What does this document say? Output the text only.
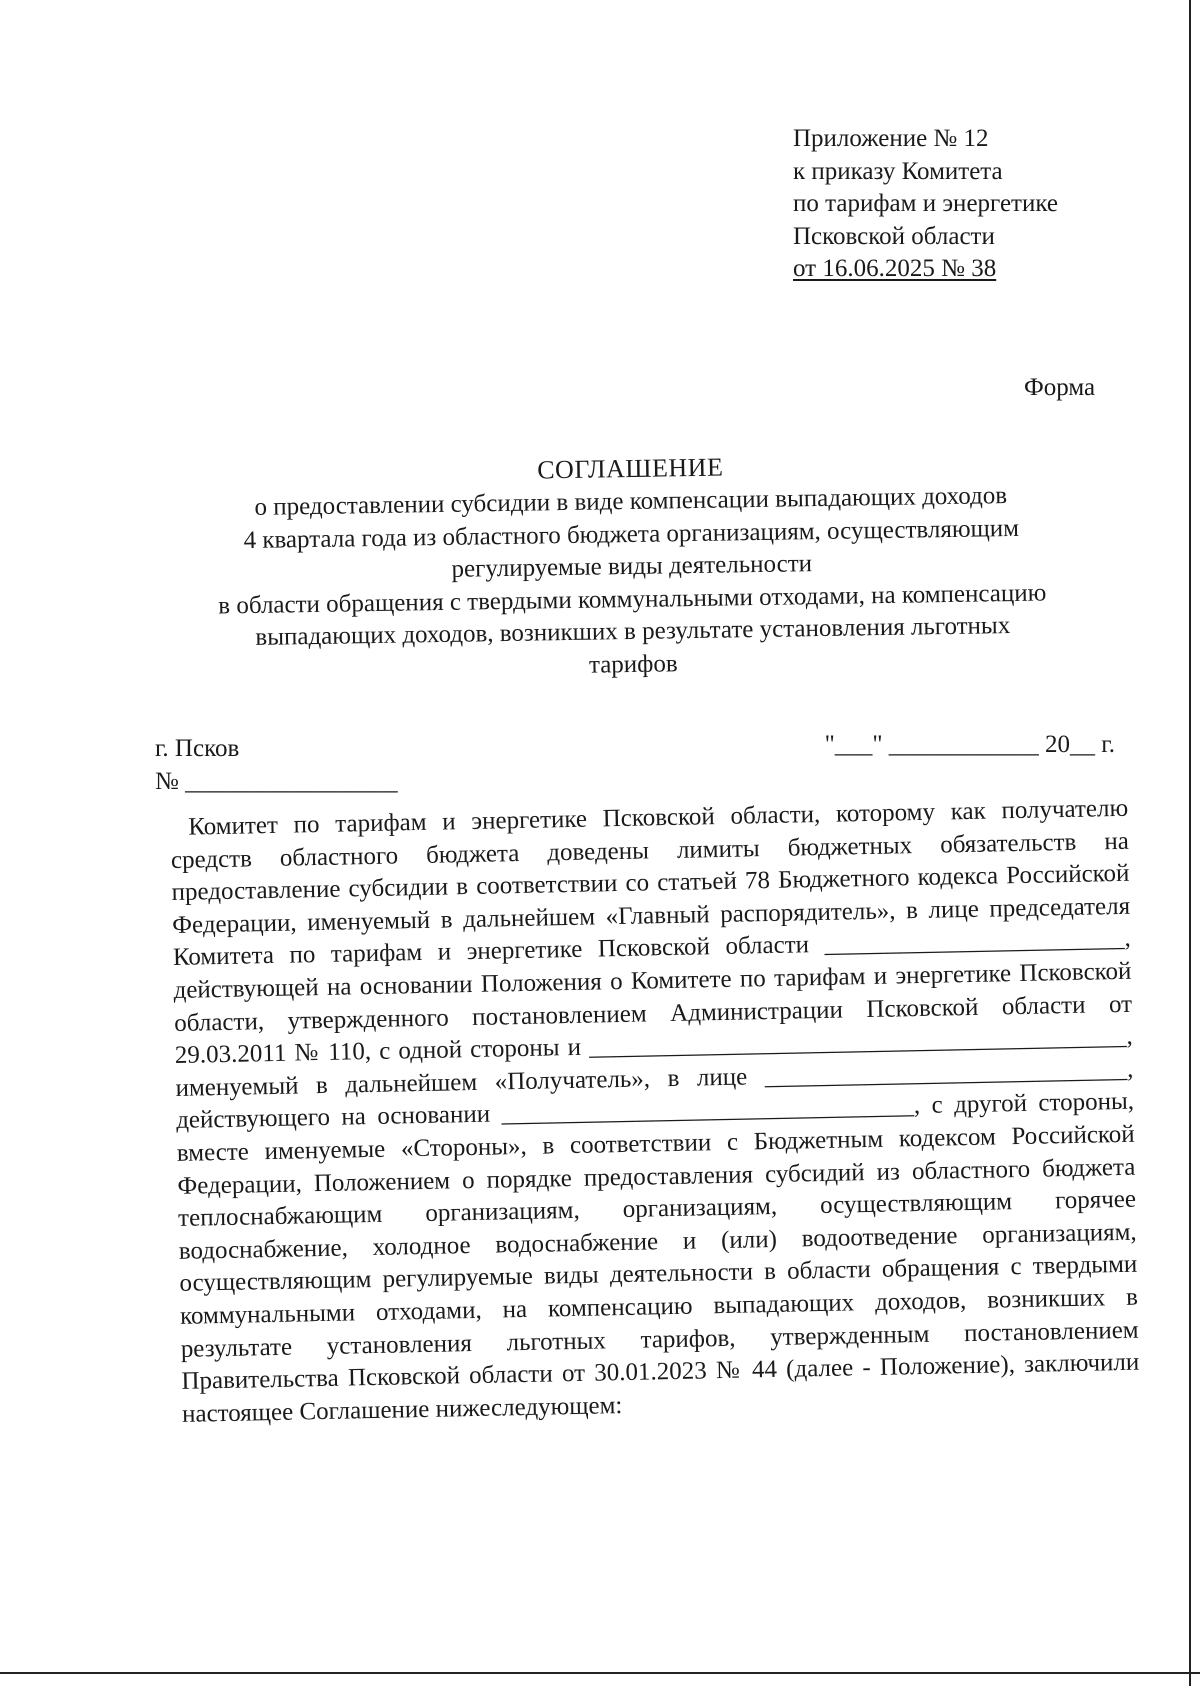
Приложение № 12
к приказу Комитета
по тарифам и энергетике
Псковской области
от 16.06.2025 № 38
Форма
СОГЛАШЕНИЕ
о предоставлении субсидии в виде компенсации выпадающих доходов
4 квартала года из областного бюджета организациям, осуществляющим
регулируемые виды деятельности
в области обращения с твердыми коммунальными отходами, на компенсацию
выпадающих доходов, возникших в результате установления льготных
тарифов
г. Псков	"___" ____________ 20__ г.
№ _________________
Комитет по тарифам и энергетике Псковской области, которому как получателю средств областного бюджета доведены лимиты бюджетных обязательств на предоставление субсидии в соответствии со статьей 78 Бюджетного кодекса Российской Федерации, именуемый в дальнейшем «Главный распорядитель», в лице председателя Комитета по тарифам и энергетике Псковской области ________________________, действующей на основании Положения о Комитете по тарифам и энергетике Псковской области, утвержденного постановлением Администрации Псковской области от 29.03.2011 № 110, с одной стороны и ___________________________________________, именуемый в дальнейшем «Получатель», в лице _____________________________, действующего на основании _________________________________, с другой стороны, вместе именуемые «Стороны», в соответствии с Бюджетным кодексом Российской Федерации, Положением о порядке предоставления субсидий из областного бюджета теплоснабжающим организациям, организациям, осуществляющим горячее водоснабжение, холодное водоснабжение и (или) водоотведение организациям, осуществляющим регулируемые виды деятельности в области обращения с твердыми коммунальными отходами, на компенсацию выпадающих доходов, возникших в результате установления льготных тарифов, утвержденным постановлением Правительства Псковской области от 30.01.2023 № 44 (далее - Положение), заключили настоящее Соглашение нижеследующем:
